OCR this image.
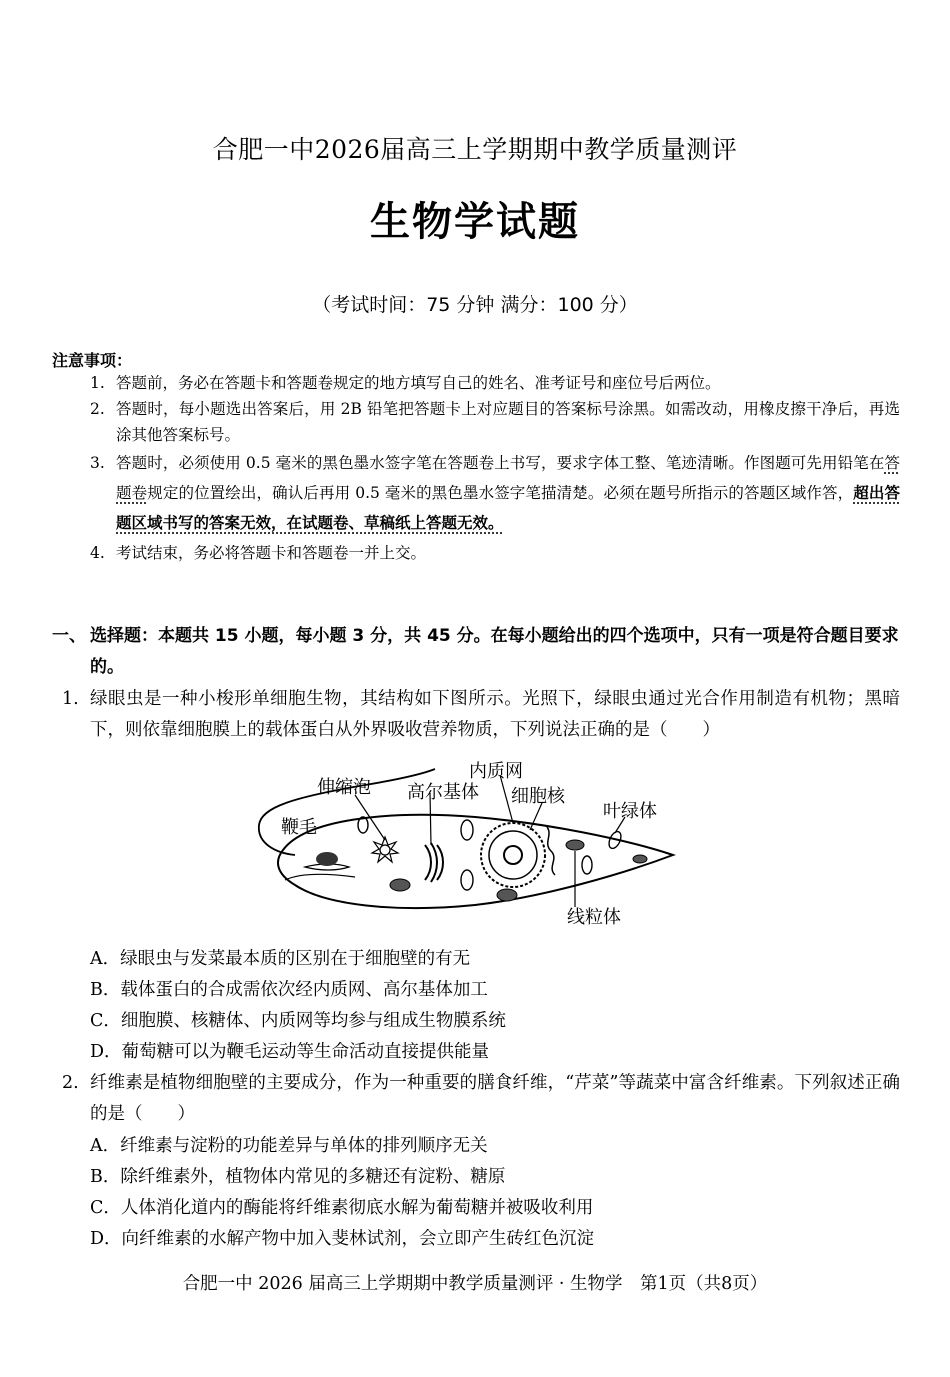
合肥一中2026届高三上学期期中教学质量测评
生物学试题
（考试时间：75 分钟 满分：100 分）
注意事项：
1. 答题前，务必在答题卡和答题卷规定的地方填写自己的姓名、准考证号和座位号后两位。
2. 答题时，每小题选出答案后，用 2B 铅笔把答题卡上对应题目的答案标号涂黑。如需改动，用橡皮擦干净后，再选涂其他答案标号。
3. 答题时，必须使用 0.5 毫米的黑色墨水签字笔在答题卷上书写，要求字体工整、笔迹清晰。作图题可先用铅笔在答题卷规定的位置绘出，确认后再用 0.5 毫米的黑色墨水签字笔描清楚。必须在题号所指示的答题区域作答，超出答题区域书写的答案无效，在试题卷、草稿纸上答题无效。
4. 考试结束，务必将答题卡和答题卷一并上交。
一、 选择题：本题共 15 小题，每小题 3 分，共 45 分。在每小题给出的四个选项中，只有一项是符合题目要求的。
1. 绿眼虫是一种小梭形单细胞生物，其结构如下图所示。光照下，绿眼虫通过光合作用制造有机物；黑暗下，则依靠细胞膜上的载体蛋白从外界吸收营养物质，下列说法正确的是（　　）
伸缩泡 高尔基体
内质网
细胞核
叶绿体
鞭毛
线粒体
A．绿眼虫与发菜最本质的区别在于细胞壁的有无
B．载体蛋白的合成需依次经内质网、高尔基体加工
C．细胞膜、核糖体、内质网等均参与组成生物膜系统
D．葡萄糖可以为鞭毛运动等生命活动直接提供能量
2. 纤维素是植物细胞壁的主要成分，作为一种重要的膳食纤维，“芹菜”等蔬菜中富含纤维素。下列叙述正确的是（　　）
A．纤维素与淀粉的功能差异与单体的排列顺序无关
B．除纤维素外，植物体内常见的多糖还有淀粉、糖原
C．人体消化道内的酶能将纤维素彻底水解为葡萄糖并被吸收利用
D．向纤维素的水解产物中加入斐林试剂，会立即产生砖红色沉淀
合肥一中 2026 届高三上学期期中教学质量测评 · 生物学　第1页（共8页）
